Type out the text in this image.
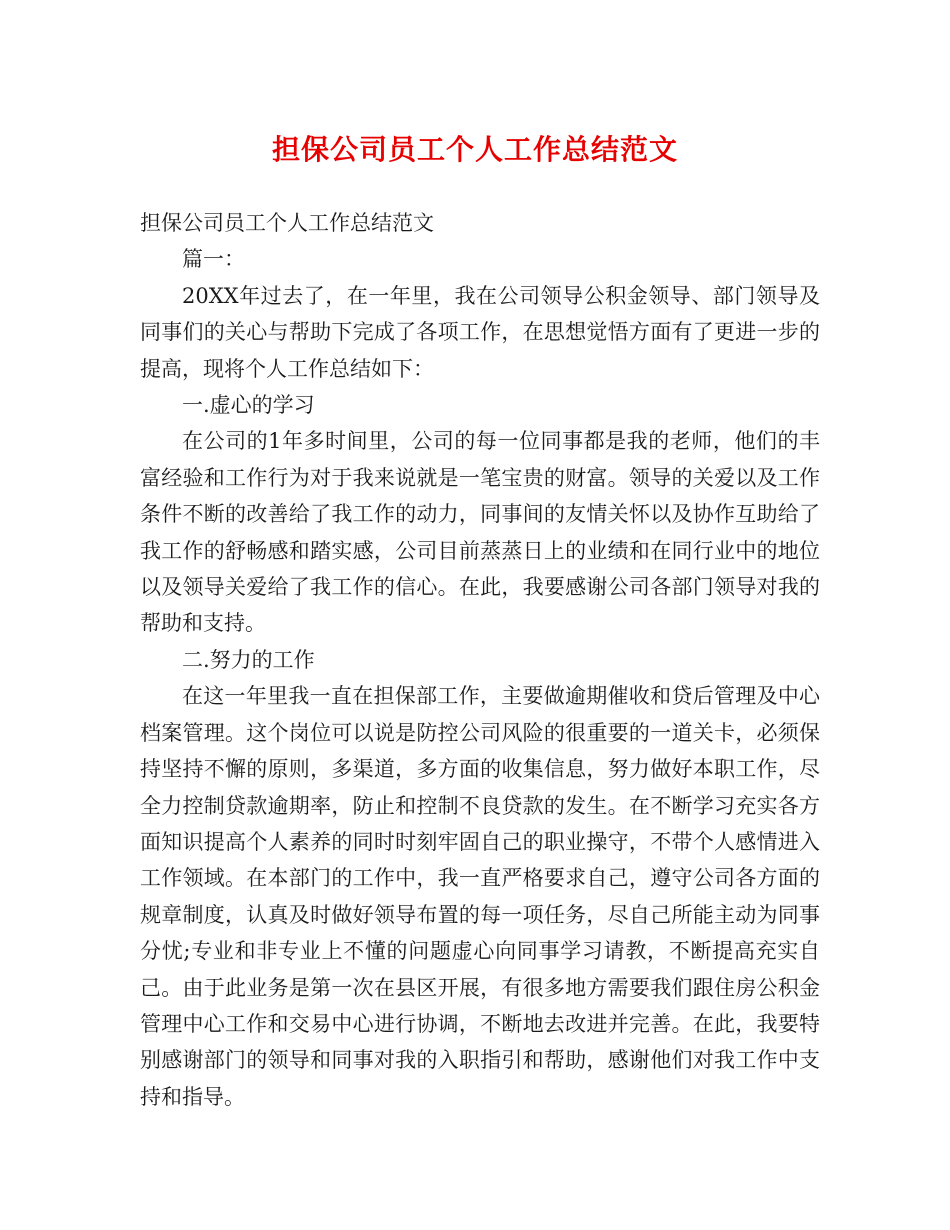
担保公司员工个人工作总结范文

担保公司员工个人工作总结范文

篇一：

20XX年过去了，在一年里，我在公司领导公积金领导、部门领导及同事们的关心与帮助下完成了各项工作，在思想觉悟方面有了更进一步的提高，现将个人工作总结如下：

一.虚心的学习

在公司的1年多时间里，公司的每一位同事都是我的老师，他们的丰富经验和工作行为对于我来说就是一笔宝贵的财富。领导的关爱以及工作条件不断的改善给了我工作的动力，同事间的友情关怀以及协作互助给了我工作的舒畅感和踏实感，公司目前蒸蒸日上的业绩和在同行业中的地位以及领导关爱给了我工作的信心。在此，我要感谢公司各部门领导对我的帮助和支持。

二.努力的工作

在这一年里我一直在担保部工作，主要做逾期催收和贷后管理及中心档案管理。这个岗位可以说是防控公司风险的很重要的一道关卡，必须保持坚持不懈的原则，多渠道，多方面的收集信息，努力做好本职工作，尽全力控制贷款逾期率，防止和控制不良贷款的发生。在不断学习充实各方面知识提高个人素养的同时时刻牢固自己的职业操守，不带个人感情进入工作领域。在本部门的工作中，我一直严格要求自己，遵守公司各方面的规章制度，认真及时做好领导布置的每一项任务，尽自己所能主动为同事分忧;专业和非专业上不懂的问题虚心向同事学习请教，不断提高充实自己。由于此业务是第一次在县区开展，有很多地方需要我们跟住房公积金管理中心工作和交易中心进行协调，不断地去改进并完善。在此，我要特别感谢部门的领导和同事对我的入职指引和帮助，感谢他们对我工作中支持和指导。
